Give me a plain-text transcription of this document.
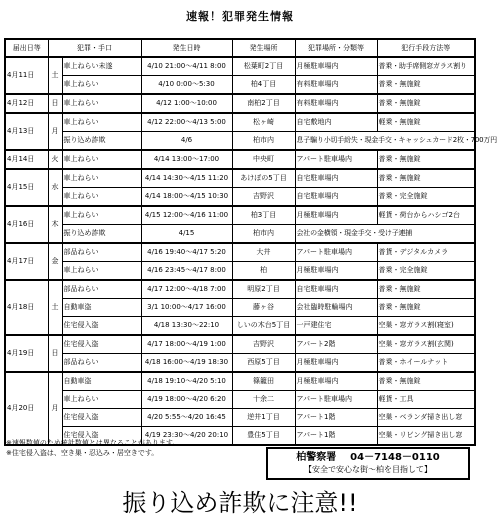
速報！犯罪発生情報
届出日等	犯罪・手口		発生日時	発生場所	犯罪場所・分類等	犯行手段方法等
4月11日	土	車上ねらい未遂	4/10 21:00～4/11 8:00	松葉町2丁目	月極駐車場内	普乗・助手席側窓ガラス割り
		車上ねらい	4/10 0:00～5:30	柏4丁目	有料駐車場内	普乗・無施錠
4月12日	日	車上ねらい	4/12 1:00～10:00	南柏2丁目	有料駐車場内	普乗・無施錠
4月13日	月	車上ねらい	4/12 22:00～4/13 5:00	松ヶ崎	自宅敷地内	軽乗・無施錠
		振り込め詐欺	4/6	柏市内	息子騙り小切手紛失・現金手交・キャッシュカード2枚・700万円	
4月14日	火	車上ねらい	4/14 13:00～17:00	中央町	アパート駐車場内	普乗・無施錠
4月15日	水	車上ねらい	4/14 14:30～4/15 11:20	あけぼの5丁目	自宅駐車場内	普乗・無施錠
		車上ねらい	4/14 18:00～4/15 10:30	吉野沢	自宅駐車場内	普乗・完全施錠
4月16日	木	車上ねらい	4/15 12:00～4/16 11:00	柏3丁目	月極駐車場内	軽貨・荷台からハシゴ2台
		振り込め詐欺	4/15	柏市内	会社の金横領・現金手交・受け子連捕	
4月17日	金	部品ねらい	4/16 19:40～4/17 5:20	大井	アパート駐車場内	普貨・デジタルカメラ
		車上ねらい	4/16 23:45～4/17 8:00	柏	月極駐車場内	普乗・完全施錠
4月18日	土	部品ねらい	4/17 12:00～4/18 7:00	明原2丁目	自宅駐車場内	普乗・無施錠
		自動車盗	3/1 10:00～4/17 16:00	藤ヶ谷	会社臨時駐輪場内	普乗・無施錠
		住宅侵入盗	4/18 13:30～22:10	しいの木台5丁目	一戸建住宅	空巣・窓ガラス割(寝室)
4月19日	日	住宅侵入盗	4/17 18:00～4/19 1:00	吉野沢	アパート2階	空巣・窓ガラス割(玄関)
		部品ねらい	4/18 16:00～4/19 18:30	西原5丁目	月極駐車場内	普乗・ホイールナット
4月20日	月	自動車盗	4/18 19:10～4/20 5:10	篠籠田	月極駐車場内	普乗・無施錠
		車上ねらい	4/19 18:00～4/20 6:20	十余二	アパート駐車場内	軽貨・工具
		住宅侵入盗	4/20 5:55～4/20 16:45	逆井1丁目	アパート1階	空巣・ベランダ掃き出し窓
		住宅侵入盗	4/19 23:30～4/20 20:10	豊住5丁目	アパート1階	空巣・リビング掃き出し窓
※速報数値のため統計数値とは異なることがあります。
※住宅侵入盗は、空き巣・忍込み・居空きです。	柏警察署 04－7148－0110
【安全で安心な街～柏を目指して】
振り込め詐欺に注意!!
